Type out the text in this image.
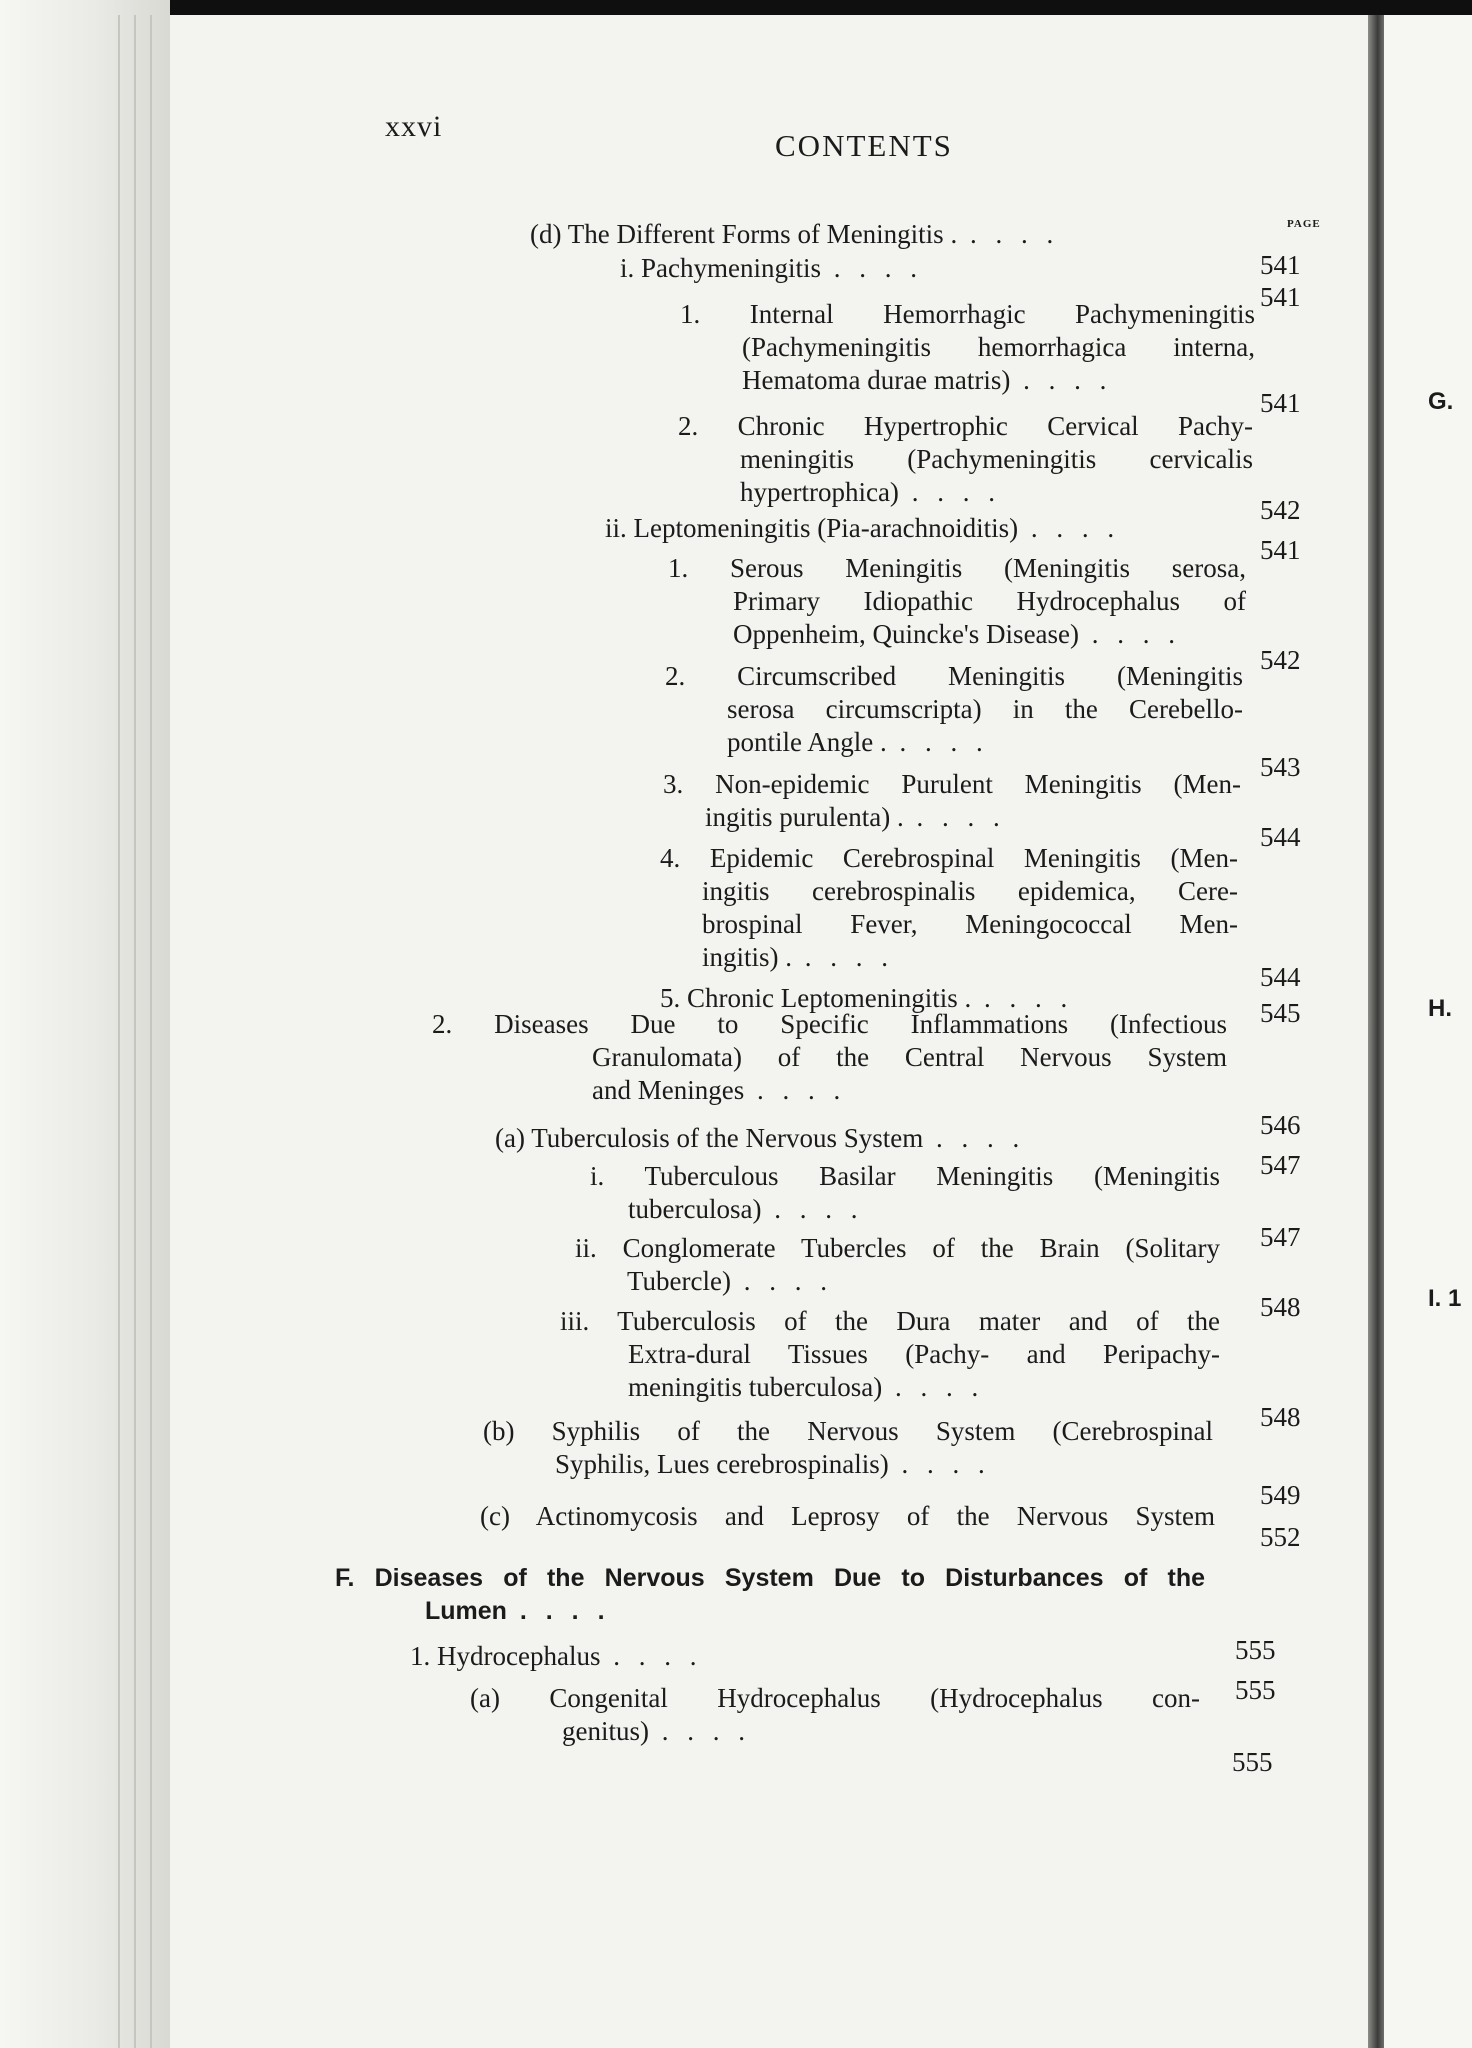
xxvi
CONTENTS
PAGE
(d) The Different Forms of Meningitis . . .
541
i. Pachymeningitis . .
541
1. Internal Hemorrhagic Pachymeningitis
(Pachymeningitis hemorrhagica interna,
Hematoma durae matris) . .
541
2. Chronic Hypertrophic Cervical Pachy-
meningitis (Pachymeningitis cervicalis
hypertrophica) . .
542
ii. Leptomeningitis (Pia-arachnoiditis) . .
541
1. Serous Meningitis (Meningitis serosa,
Primary Idiopathic Hydrocephalus of
Oppenheim, Quincke's Disease) . .
542
2. Circumscribed Meningitis (Meningitis
serosa circumscripta) in the Cerebello-
pontile Angle . . .
543
3. Non-epidemic Purulent Meningitis (Men-
ingitis purulenta) . . .
544
4. Epidemic Cerebrospinal Meningitis (Men-
ingitis cerebrospinalis epidemica, Cere-
brospinal Fever, Meningococcal Men-
ingitis) . . .
544
5. Chronic Leptomeningitis . . .	545
2. Diseases Due to Specific Inflammations (Infectious
Granulomata) of the Central Nervous System
and Meninges . .
546
(a) Tuberculosis of the Nervous System . .
547
i. Tuberculous Basilar Meningitis (Meningitis
tuberculosa) . .
547
ii. Conglomerate Tubercles of the Brain (Solitary
Tubercle) . .
548
iii. Tuberculosis of the Dura mater and of the
Extra-dural Tissues (Pachy- and Peripachy-
meningitis tuberculosa) . .
548
(b) Syphilis of the Nervous System (Cerebrospinal
Syphilis, Lues cerebrospinalis) . .
549
(c) Actinomycosis and Leprosy of the Nervous System
552
F. Diseases of the Nervous System Due to Disturbances of the
Lumen . .
555
1. Hydrocephalus . .
555
(a) Congenital Hydrocephalus (Hydrocephalus con-
genitus) . .
555
G.
H.
I. 1
